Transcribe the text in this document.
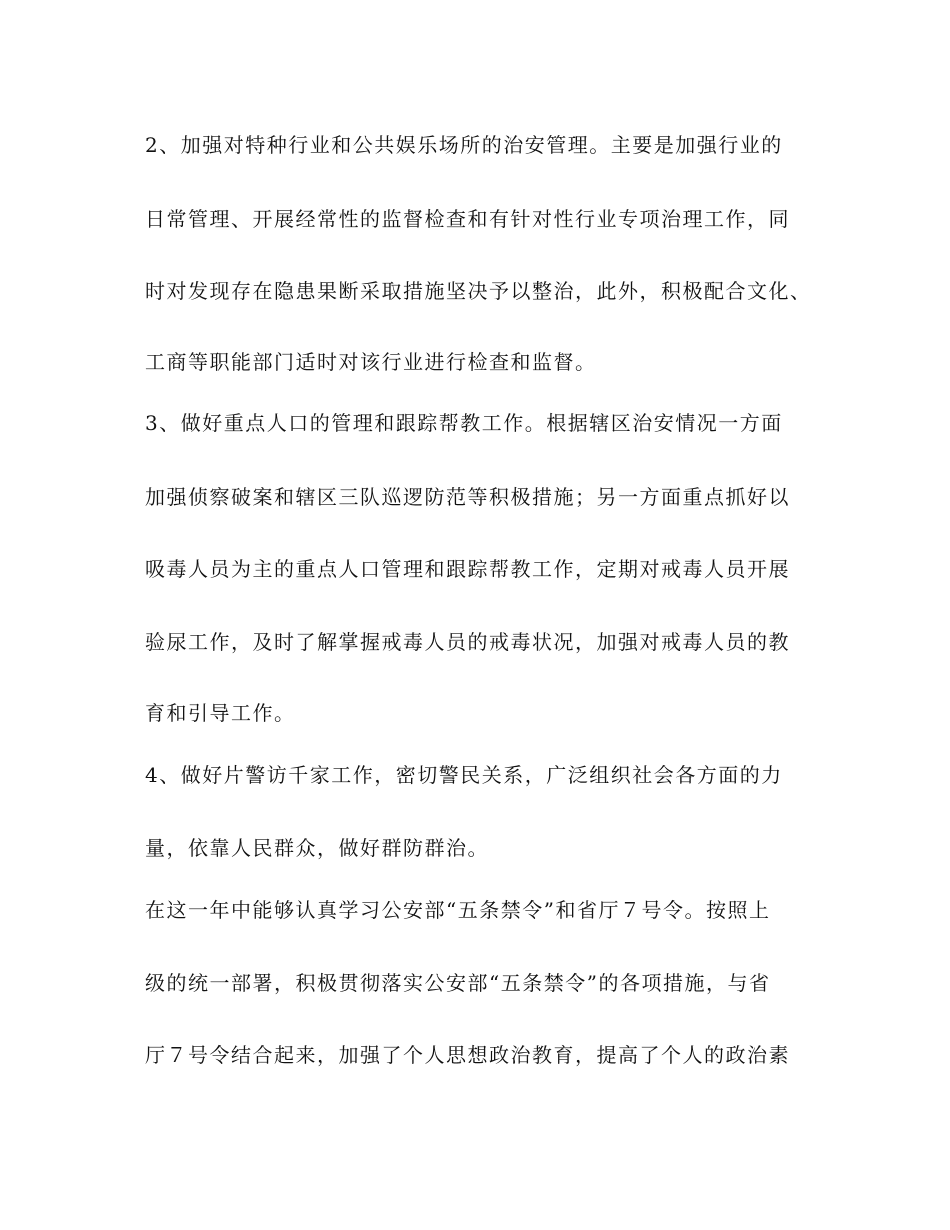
2、加强对特种行业和公共娱乐场所的治安管理。主要是加强行业的

日常管理、开展经常性的监督检查和有针对性行业专项治理工作，同

时对发现存在隐患果断采取措施坚决予以整治，此外，积极配合文化、

工商等职能部门适时对该行业进行检查和监督。

3、做好重点人口的管理和跟踪帮教工作。根据辖区治安情况一方面

加强侦察破案和辖区三队巡逻防范等积极措施；另一方面重点抓好以

吸毒人员为主的重点人口管理和跟踪帮教工作，定期对戒毒人员开展

验尿工作，及时了解掌握戒毒人员的戒毒状况，加强对戒毒人员的教

育和引导工作。

4、做好片警访千家工作，密切警民关系，广泛组织社会各方面的力

量，依靠人民群众，做好群防群治。

在这一年中能够认真学习公安部“五条禁令”和省厅７号令。按照上

级的统一部署，积极贯彻落实公安部“五条禁令”的各项措施，与省

厅７号令结合起来，加强了个人思想政治教育，提高了个人的政治素
